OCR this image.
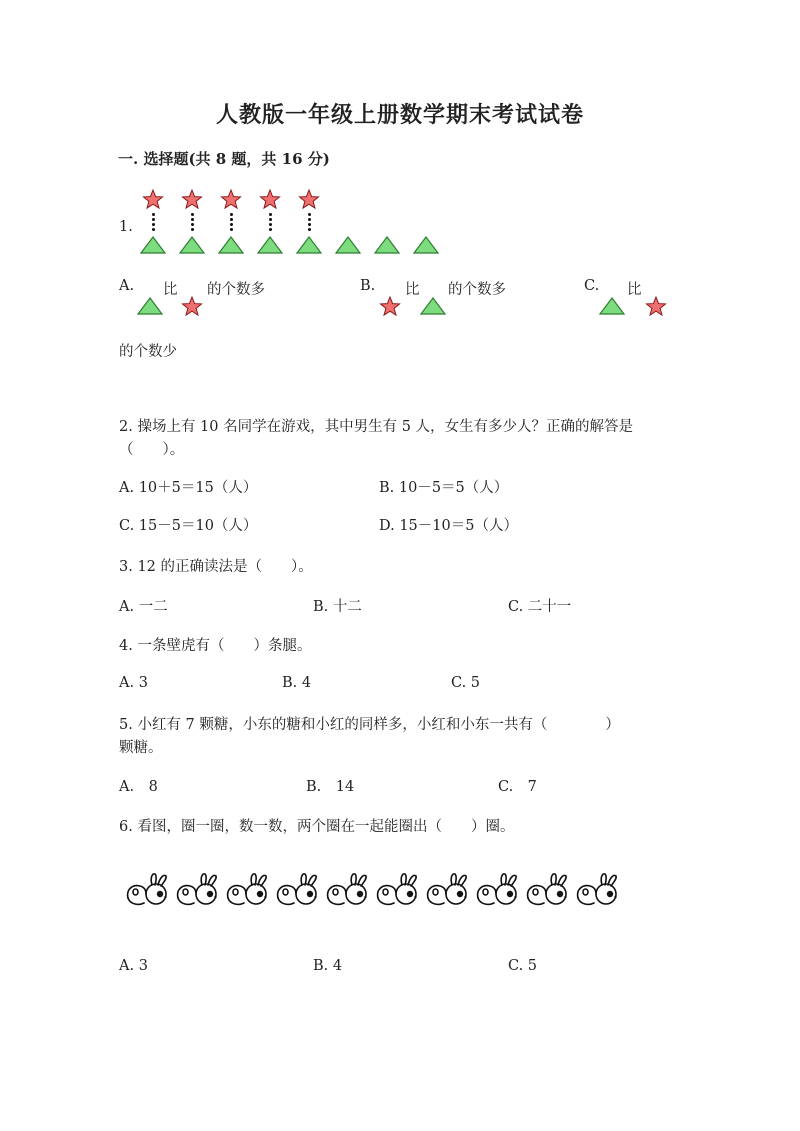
人教版一年级上册数学期末考试试卷
一. 选择题(共 8 题，共 16 分)
1.
A. 比 的个数多	B. 比 的个数多	C. 比
的个数少
2. 操场上有 10 名同学在游戏，其中男生有 5 人，女生有多少人？正确的解答是
（　　）。
A. 10＋5＝15（人）	B. 10－5＝5（人）
C. 15－5＝10（人）	D. 15－10＝5（人）
3. 12 的正确读法是（　　）。
A. 一二	B. 十二	C. 二十一
4. 一条壁虎有（　　）条腿。
A. 3	B. 4	C. 5
5. 小红有 7 颗糖，小东的糖和小红的同样多，小红和小东一共有（　　　　）
颗糖。
A.　8	B.　14	C.　7
6. 看图，圈一圈，数一数，两个圈在一起能圈出（　　）圈。
A. 3	B. 4	C. 5
